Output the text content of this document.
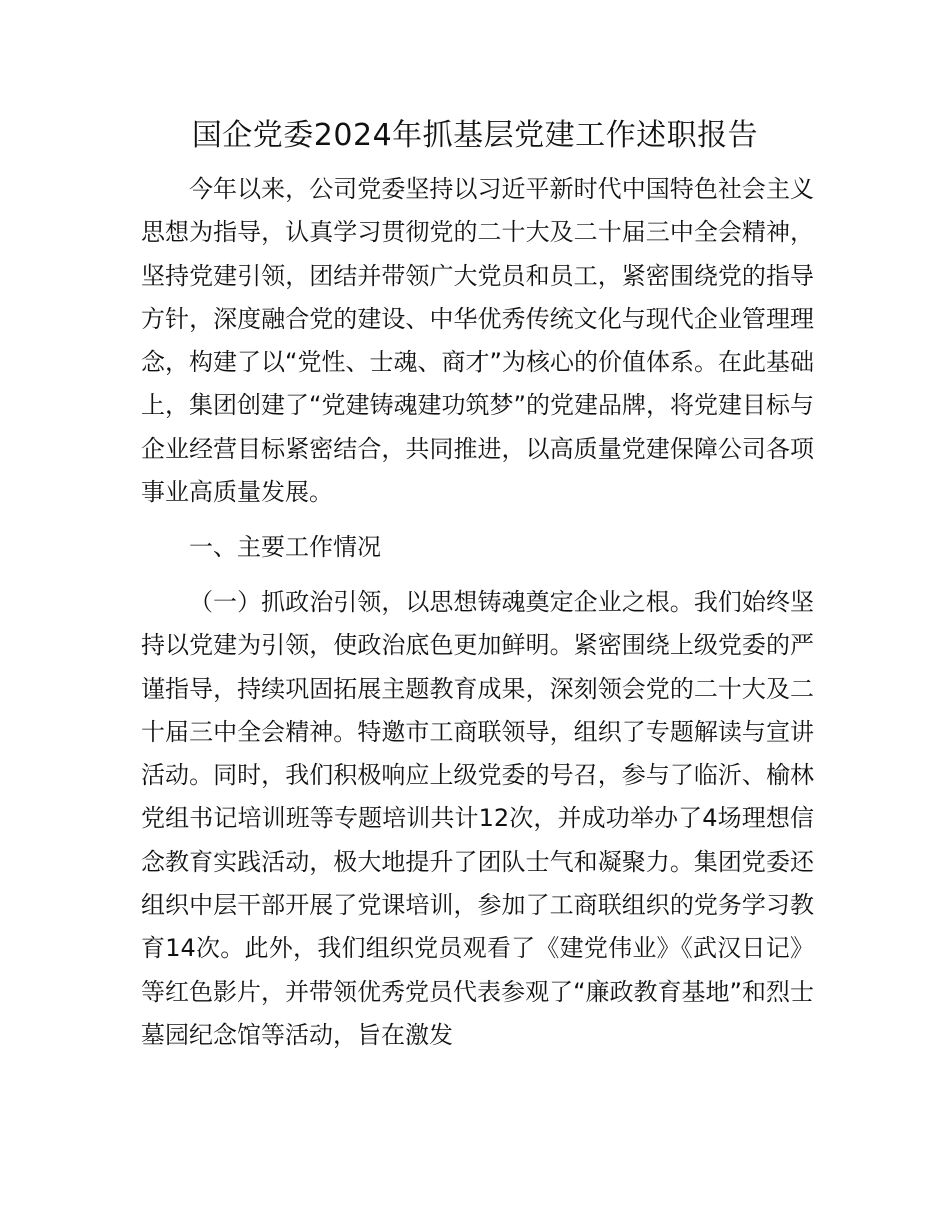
国企党委2024年抓基层党建工作述职报告

今年以来，公司党委坚持以习近平新时代中国特色社会主义思想为指导，认真学习贯彻党的二十大及二十届三中全会精神，坚持党建引领，团结并带领广大党员和员工，紧密围绕党的指导方针，深度融合党的建设、中华优秀传统文化与现代企业管理理念，构建了以“党性、士魂、商才”为核心的价值体系。在此基础上，集团创建了“党建铸魂建功筑梦”的党建品牌，将党建目标与企业经营目标紧密结合，共同推进，以高质量党建保障公司各项事业高质量发展。

一、主要工作情况

（一）抓政治引领，以思想铸魂奠定企业之根。我们始终坚持以党建为引领，使政治底色更加鲜明。紧密围绕上级党委的严谨指导，持续巩固拓展主题教育成果，深刻领会党的二十大及二十届三中全会精神。特邀市工商联领导，组织了专题解读与宣讲活动。同时，我们积极响应上级党委的号召，参与了临沂、榆林党组书记培训班等专题培训共计12次，并成功举办了4场理想信念教育实践活动，极大地提升了团队士气和凝聚力。集团党委还组织中层干部开展了党课培训，参加了工商联组织的党务学习教育14次。此外，我们组织党员观看了《建党伟业》《武汉日记》等红色影片，并带领优秀党员代表参观了“廉政教育基地”和烈士墓园纪念馆等活动，旨在激发
